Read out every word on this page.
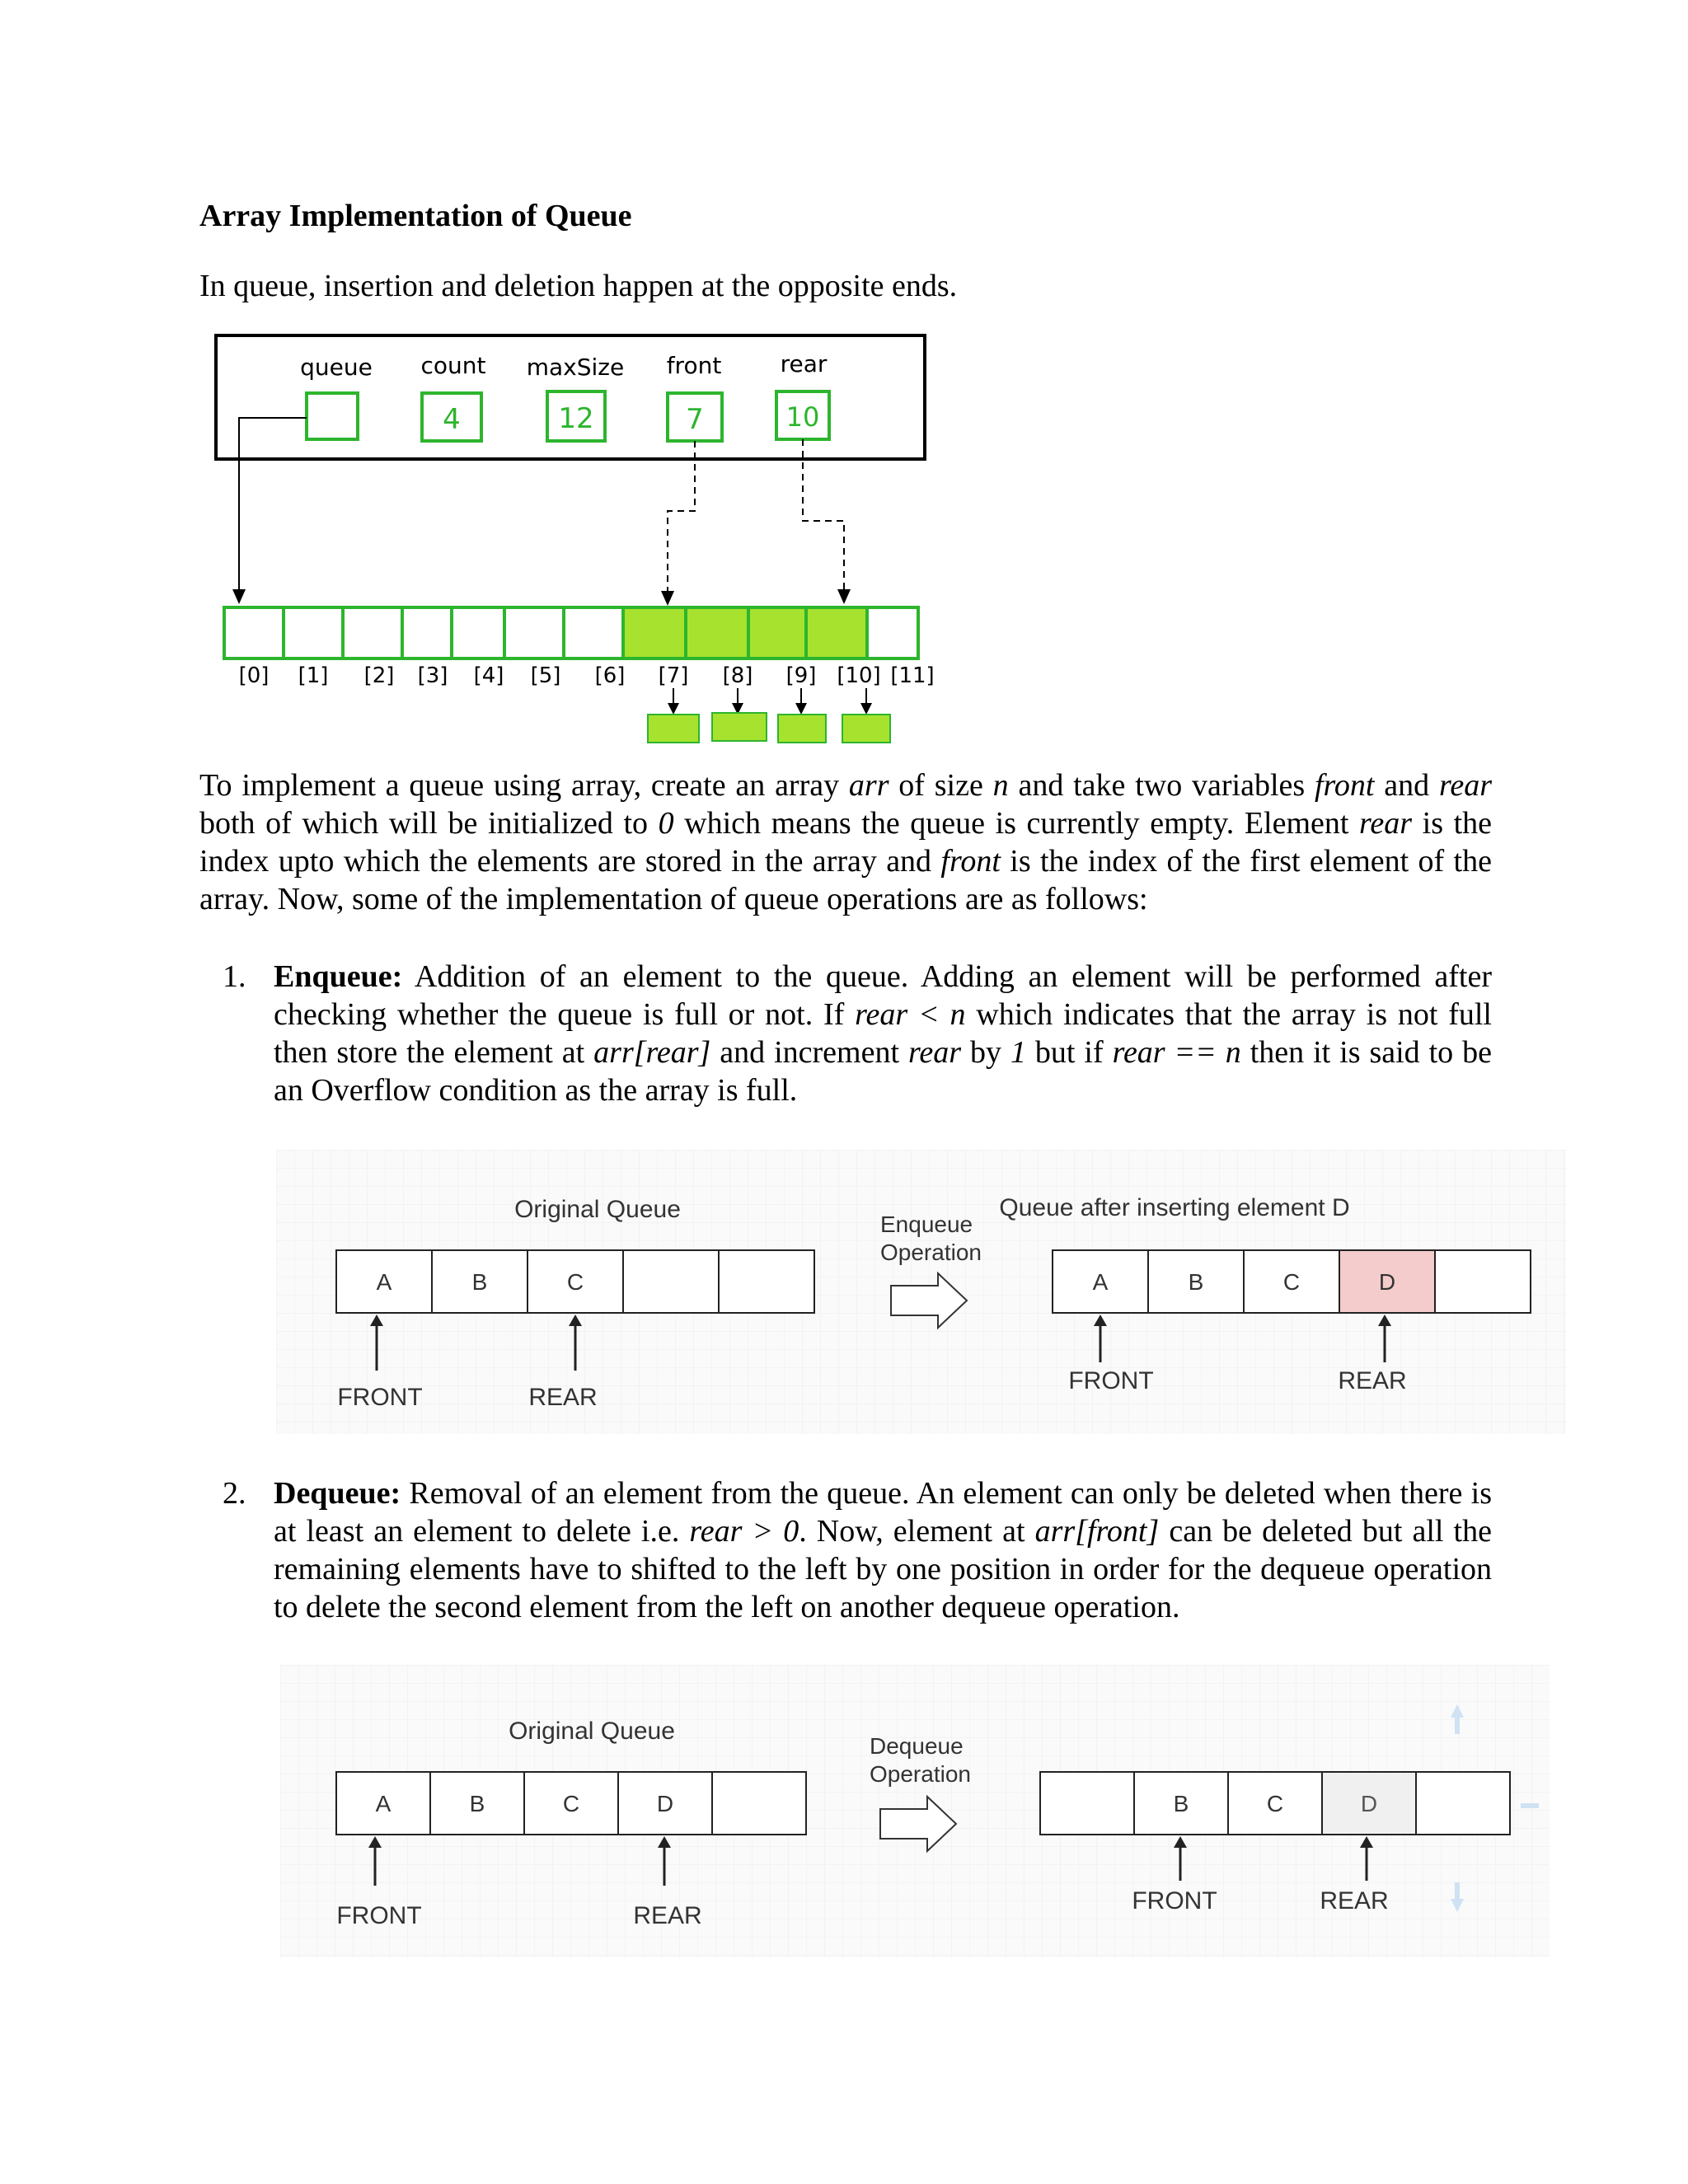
Array Implementation of Queue
In queue, insertion and deletion happen at the opposite ends.
queue count
4
maxSize
12
front
7
rear
10
[0] [1] [2] [3] [4] [5] [6] [7] [8] [9] [10] [11]
To implement a queue using array, create an array arr of size n and take two variables front and rear both of which will be initialized to 0 which means the queue is currently empty. Element rear is the index upto which the elements are stored in the array and front is the index of the first element of the array. Now, some of the implementation of queue operations are as follows:
1. Enqueue: Addition of an element to the queue. Adding an element will be performed after checking whether the queue is full or not. If rear < n which indicates that the array is not full then store the element at arr[rear] and increment rear by 1 but if rear == n then it is said to be an Overflow condition as the array is full.
Original Queue
A	B	C
FRONT	REAR
Enqueue
Operation
Queue after inserting element D
A	B	C	D
FRONT	REAR
2. Dequeue: Removal of an element from the queue. An element can only be deleted when there is at least an element to delete i.e. rear > 0. Now, element at arr[front] can be deleted but all the remaining elements have to shifted to the left by one position in order for the dequeue operation to delete the second element from the left on another dequeue operation.
Original Queue
A	B	C	D
FRONT	REAR
Dequeue
Operation
B	C	D
FRONT	REAR
